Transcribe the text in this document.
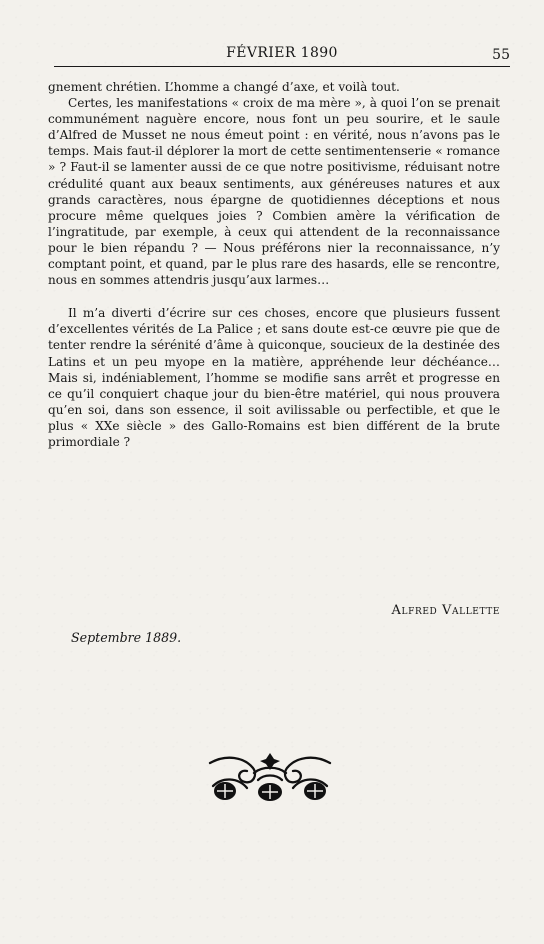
FÉVRIER 1890	55

gnement chrétien. L’homme a changé d’axe, et voilà tout.

Certes, les manifestations « croix de ma mère », à quoi l’on se prenait communément naguère encore, nous font un peu sourire, et le saule d’Alfred de Musset ne nous émeut point : en vérité, nous n’avons pas le temps. Mais faut-il déplorer la mort de cette sentimentenserie « romance » ? Faut-il se lamenter aussi de ce que notre positivisme, réduisant notre crédulité quant aux beaux sentiments, aux généreuses natures et aux grands caractères, nous épargne de quotidiennes déceptions et nous procure même quelques joies ? Combien amère la vérification de l’ingratitude, par exemple, à ceux qui attendent de la reconnaissance pour le bien répandu ? — Nous préférons nier la reconnaissance, n’y comptant point, et quand, par le plus rare des hasards, elle se rencontre, nous en sommes attendris jusqu’aux larmes…

Il m’a diverti d’écrire sur ces choses, encore que plusieurs fussent d’excellentes vérités de La Palice ; et sans doute est-ce œuvre pie que de tenter rendre la sérénité d’âme à quiconque, soucieux de la destinée des Latins et un peu myope en la matière, appréhende leur déchéance… Mais si, indéniablement, l’homme se modifie sans arrêt et progresse en ce qu’il conquiert chaque jour du bien-être matériel, qui nous prouvera qu’en soi, dans son essence, il soit avilissable ou perfectible, et que le plus « XXe siècle » des Gallo-Romains est bien différent de la brute primordiale ?

Alfred Vallette
Septembre 1889.
